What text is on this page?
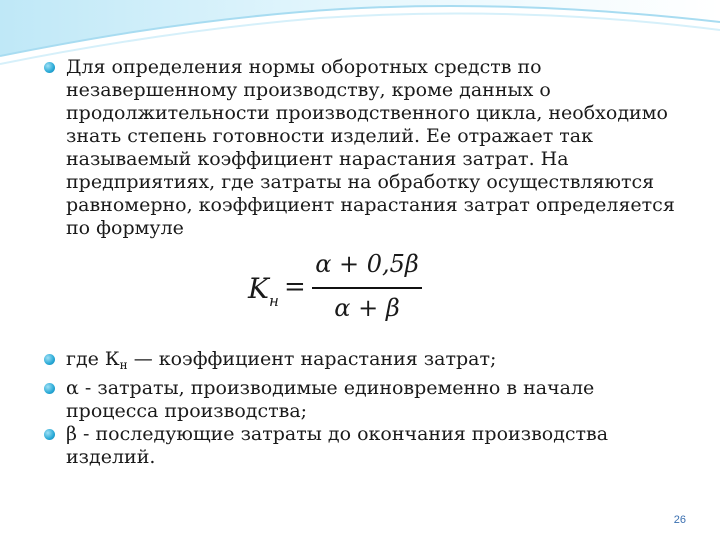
Для определения нормы оборотных средств по незавершенному производству, кроме данных о продолжительности производственного цикла, необходимо знать степень готовности изделий. Ее отражает так называемый коэффициент нарастания затрат. На предприятиях, где затраты на обработку осуществляются равномерно, коэффициент нарастания затрат определяется по формуле
K н =
α + 0,5β
α + β
где $К_н$ — коэффициент нарастания затрат;
α - затраты, производимые единовременно в начале процесса производства;
β - последующие затраты до окончания производства изделий.
26
